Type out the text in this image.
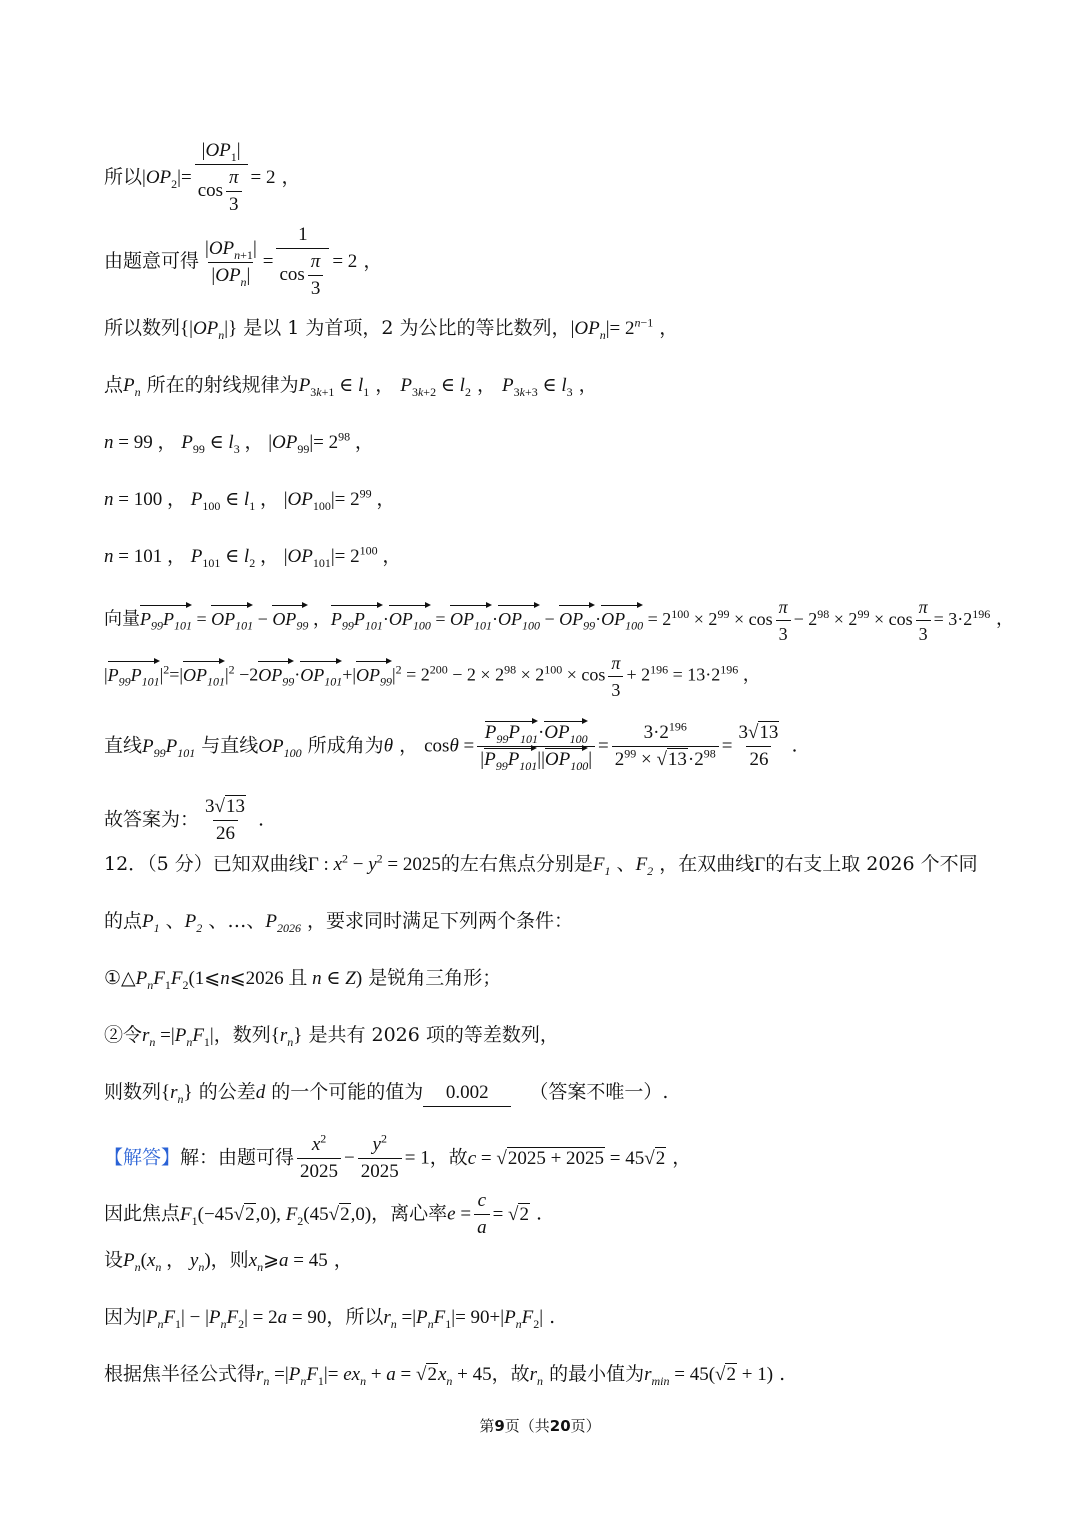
所以$|OP_2|= \frac{|OP_1|}{\cos \frac{\pi}{3}} = 2$ ，
由题意可得 $\frac{|OP_{n+1}|}{|OP_n|} = \frac{1}{\cos \frac{\pi}{3}} = 2$ ，
所以数列$\{|OP_n|\}$ 是以 1 为首项，2 为公比的等比数列，$|OP_n|= 2^{n-1}$ ，
点$P_n$ 所在的射线规律为$P_{3k+1}$ ∈ $l_1$ ， $P_{3k+2}$ ∈ $l_2$ ， $P_{3k+3}$ ∈ $l_3$ ，
n = 99 ， $P_{99}$ ∈ $l_3$ ， $|OP_{99}|= 2^{98}$ ，
n = 100 ， $P_{100}$ ∈ $l_1$ ， $|OP_{100}|= 2^{99}$ ，
n = 101 ， $P_{101}$ ∈ $l_2$ ， $|OP_{101}|= 2^{100}$ ，
向量$P_{99}P_{101} = OP_{101} - OP_{99}$ ，$P_{99}P_{101}\cdot OP_{100} = OP_{101}\cdot OP_{100} - OP_{99}\cdot OP_{100} = 2^{100} \times 2^{99} \times \cos \frac{\pi}{3} - 2^{98} \times 2^{99} \times \cos \frac{\pi}{3} = 3\cdot 2^{196}$ ，
$|P_{99}P_{101}|^2=|OP_{101}|^2 -2OP_{99}\cdot OP_{101}+|OP_{99}|^2 = 2^{200} - 2 \times 2^{98} \times 2^{100} \times \cos \frac{\pi}{3} + 2^{196} = 13\cdot 2^{196}$ ，
直线$P_{99}P_{101}$ 与直线$OP_{100}$ 所成角为θ ， $\cos\theta = \frac{P_{99}P_{101}\cdot OP_{100}}{|P_{99}P_{101}||OP_{100}|} = \frac{3\cdot 2^{196}}{2^{99} \times √13\cdot 2^{98}} = \frac{3√13}{26}$ .
故答案为： $\frac{3√13}{26}$ .
12．（5 分）已知双曲线Γ : $x^2 - y^2 = 2025$的左右焦点分别是$F_1$ 、$F_2$ ，在双曲线Γ的右支上取 2026 个不同
的点$P_1$ 、$P_2$ 、…、$P_{2026}$ ，要求同时满足下列两个条件：
$①\triangle P_nF_1F_2(1⩽n⩽2026$ 且 n ∈ Z) 是锐角三角形；
②令$r_n =|P_nF_1|$，数列$\{r_n\}$ 是共有 2026 项的等差数列，
则数列$\{r_n\}$ 的公差d 的一个可能的值为 0.002 （答案不唯一）.
【解答】解：由题可得 $\frac{x^2}{2025} - \frac{y^2}{2025} = 1$，故c = √2025 + 2025 = 45√2 ，
因此焦点$F_1(-45√2,0)$, $F_2(45√2,0)$，离心率$e = \frac{c}{a} = √2$ .
设$P_n(x_n$ ， $y_n$)，则$x_n⩾a = 45$ ，
因为$|P_nF_1| - |P_nF_2| = 2a = 90$，所以$r_n =|P_nF_1|= 90+|P_nF_2|$ .
根据焦半径公式得$r_n =|P_nF_1|= ex_n + a = √2x_n + 45$，故$r_n$ 的最小值为$r_{min} = 45(√2 + 1)$ .
第9页（共20页）
